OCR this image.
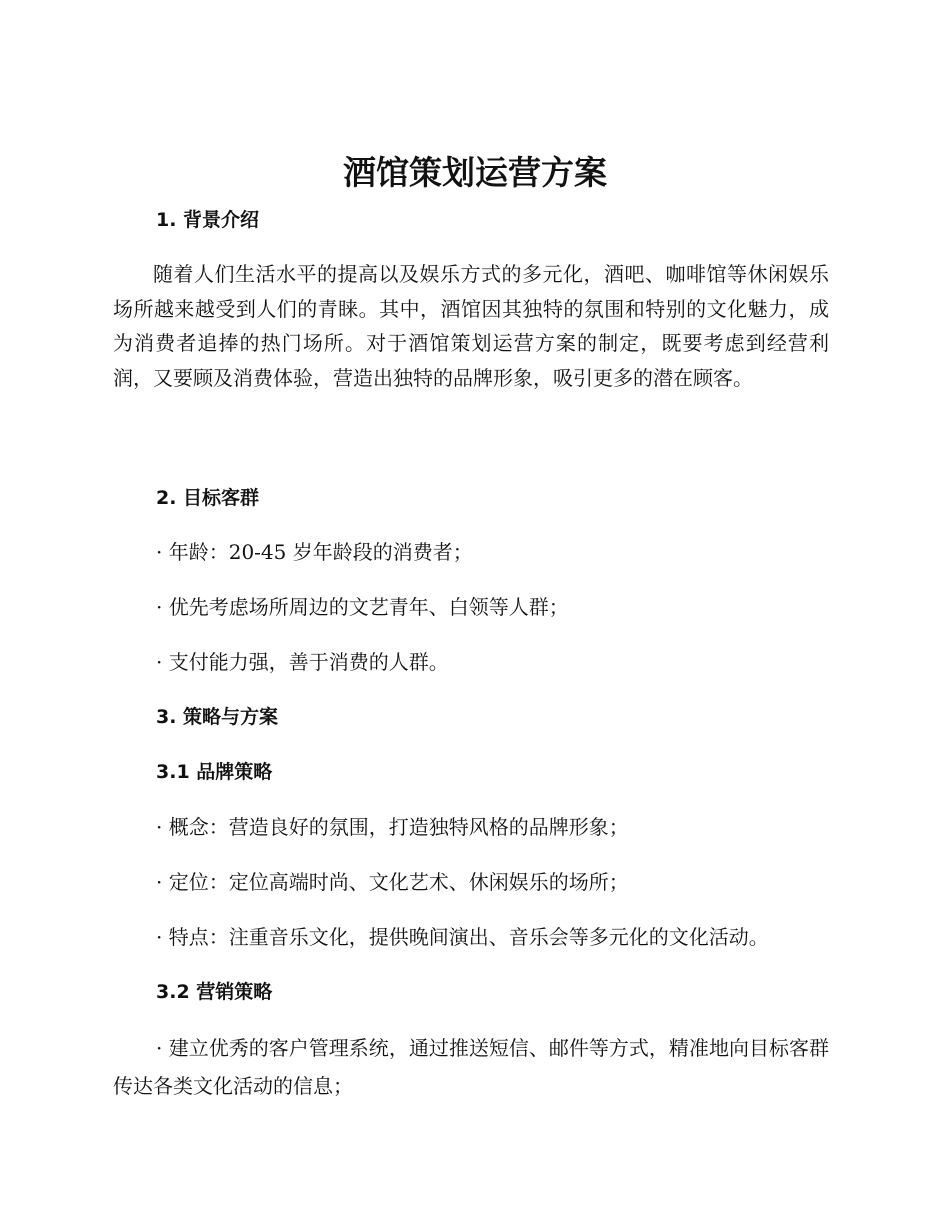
酒馆策划运营方案
1. 背景介绍

随着人们生活水平的提高以及娱乐方式的多元化，酒吧、咖啡馆等休闲娱乐场所越来越受到人们的青睐。其中，酒馆因其独特的氛围和特别的文化魅力，成为消费者追捧的热门场所。对于酒馆策划运营方案的制定，既要考虑到经营利润，又要顾及消费体验，营造出独特的品牌形象，吸引更多的潜在顾客。

2. 目标客群

· 年龄：20-45 岁年龄段的消费者；

· 优先考虑场所周边的文艺青年、白领等人群；

· 支付能力强，善于消费的人群。

3. 策略与方案
3.1 品牌策略

· 概念：营造良好的氛围，打造独特风格的品牌形象；

· 定位：定位高端时尚、文化艺术、休闲娱乐的场所；

· 特点：注重音乐文化，提供晚间演出、音乐会等多元化的文化活动。

3.2 营销策略

· 建立优秀的客户管理系统，通过推送短信、邮件等方式，精准地向目标客群传达各类文化活动的信息；
